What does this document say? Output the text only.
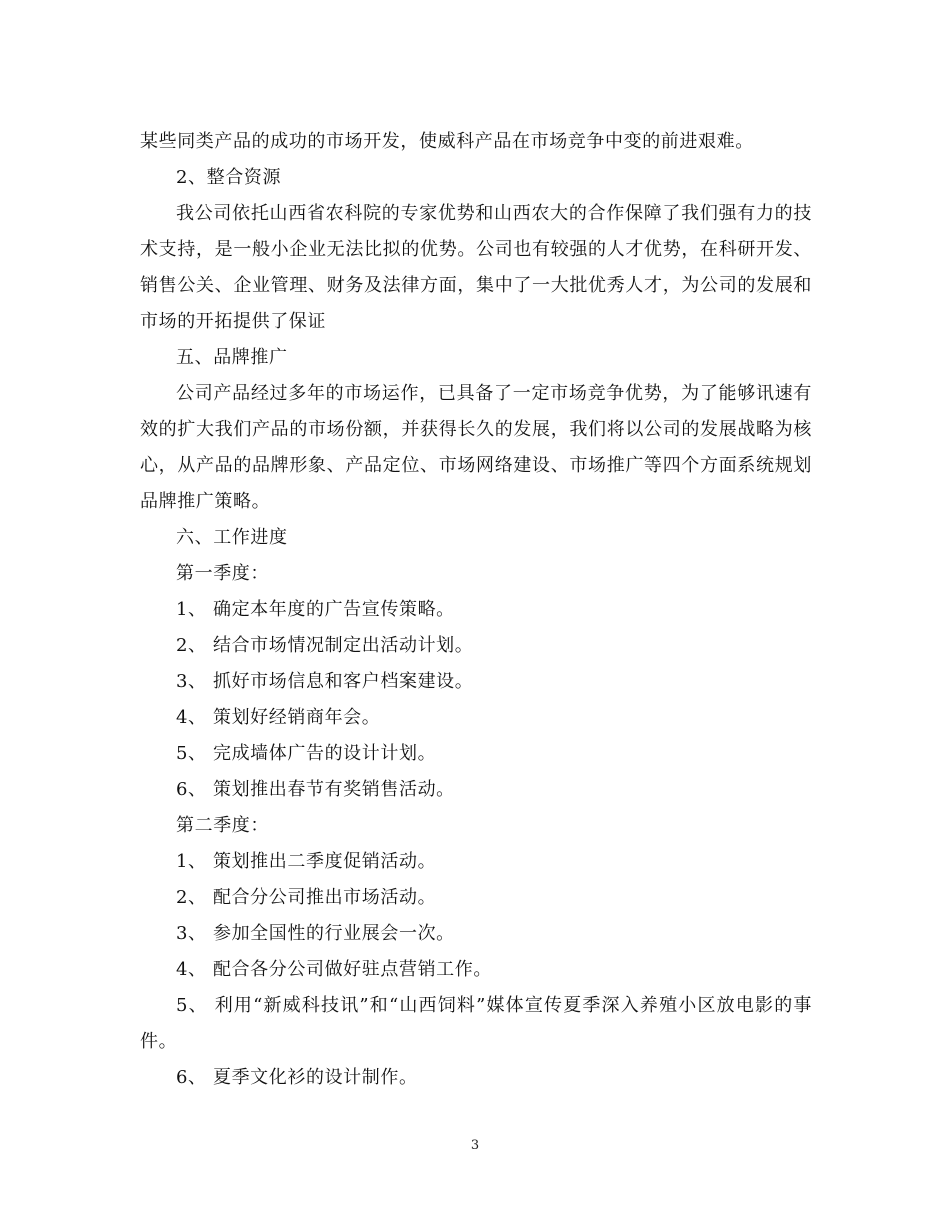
某些同类产品的成功的市场开发，使威科产品在市场竞争中变的前进艰难。
2、整合资源
我公司依托山西省农科院的专家优势和山西农大的合作保障了我们强有力的技术支持，是一般小企业无法比拟的优势。公司也有较强的人才优势，在科研开发、销售公关、企业管理、财务及法律方面，集中了一大批优秀人才，为公司的发展和市场的开拓提供了保证
五、品牌推广
公司产品经过多年的市场运作，已具备了一定市场竞争优势，为了能够讯速有效的扩大我们产品的市场份额，并获得长久的发展，我们将以公司的发展战略为核心，从产品的品牌形象、产品定位、市场网络建设、市场推广等四个方面系统规划品牌推广策略。
六、工作进度
第一季度：
1、 确定本年度的广告宣传策略。
2、 结合市场情况制定出活动计划。
3、 抓好市场信息和客户档案建设。
4、 策划好经销商年会。
5、 完成墙体广告的设计计划。
6、 策划推出春节有奖销售活动。
第二季度：
1、 策划推出二季度促销活动。
2、 配合分公司推出市场活动。
3、 参加全国性的行业展会一次。
4、 配合各分公司做好驻点营销工作。
5、 利用“新威科技讯”和“山西饲料”媒体宣传夏季深入养殖小区放电影的事件。
6、 夏季文化衫的设计制作。
3
